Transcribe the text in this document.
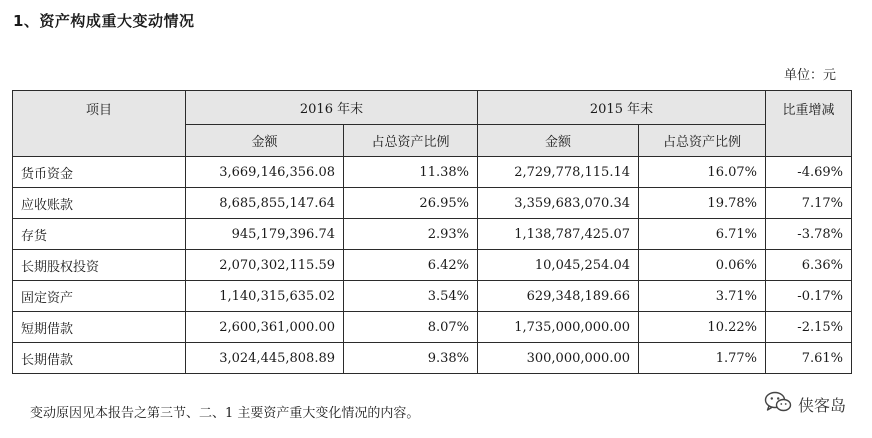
1、资产构成重大变动情况
单位：元
项目	2016 年末		2015 年末		比重增减
	金额	占总资产比例	金额	占总资产比例	
货币资金	3,669,146,356.08	11.38%	2,729,778,115.14	16.07%	-4.69%
应收账款	8,685,855,147.64	26.95%	3,359,683,070.34	19.78%	7.17%
存货	945,179,396.74	2.93%	1,138,787,425.07	6.71%	-3.78%
长期股权投资	2,070,302,115.59	6.42%	10,045,254.04	0.06%	6.36%
固定资产	1,140,315,635.02	3.54%	629,348,189.66	3.71%	-0.17%
短期借款	2,600,361,000.00	8.07%	1,735,000,000.00	10.22%	-2.15%
长期借款	3,024,445,808.89	9.38%	300,000,000.00	1.77%	7.61%
变动原因见本报告之第三节、二、1 主要资产重大变化情况的内容。	侠客岛
